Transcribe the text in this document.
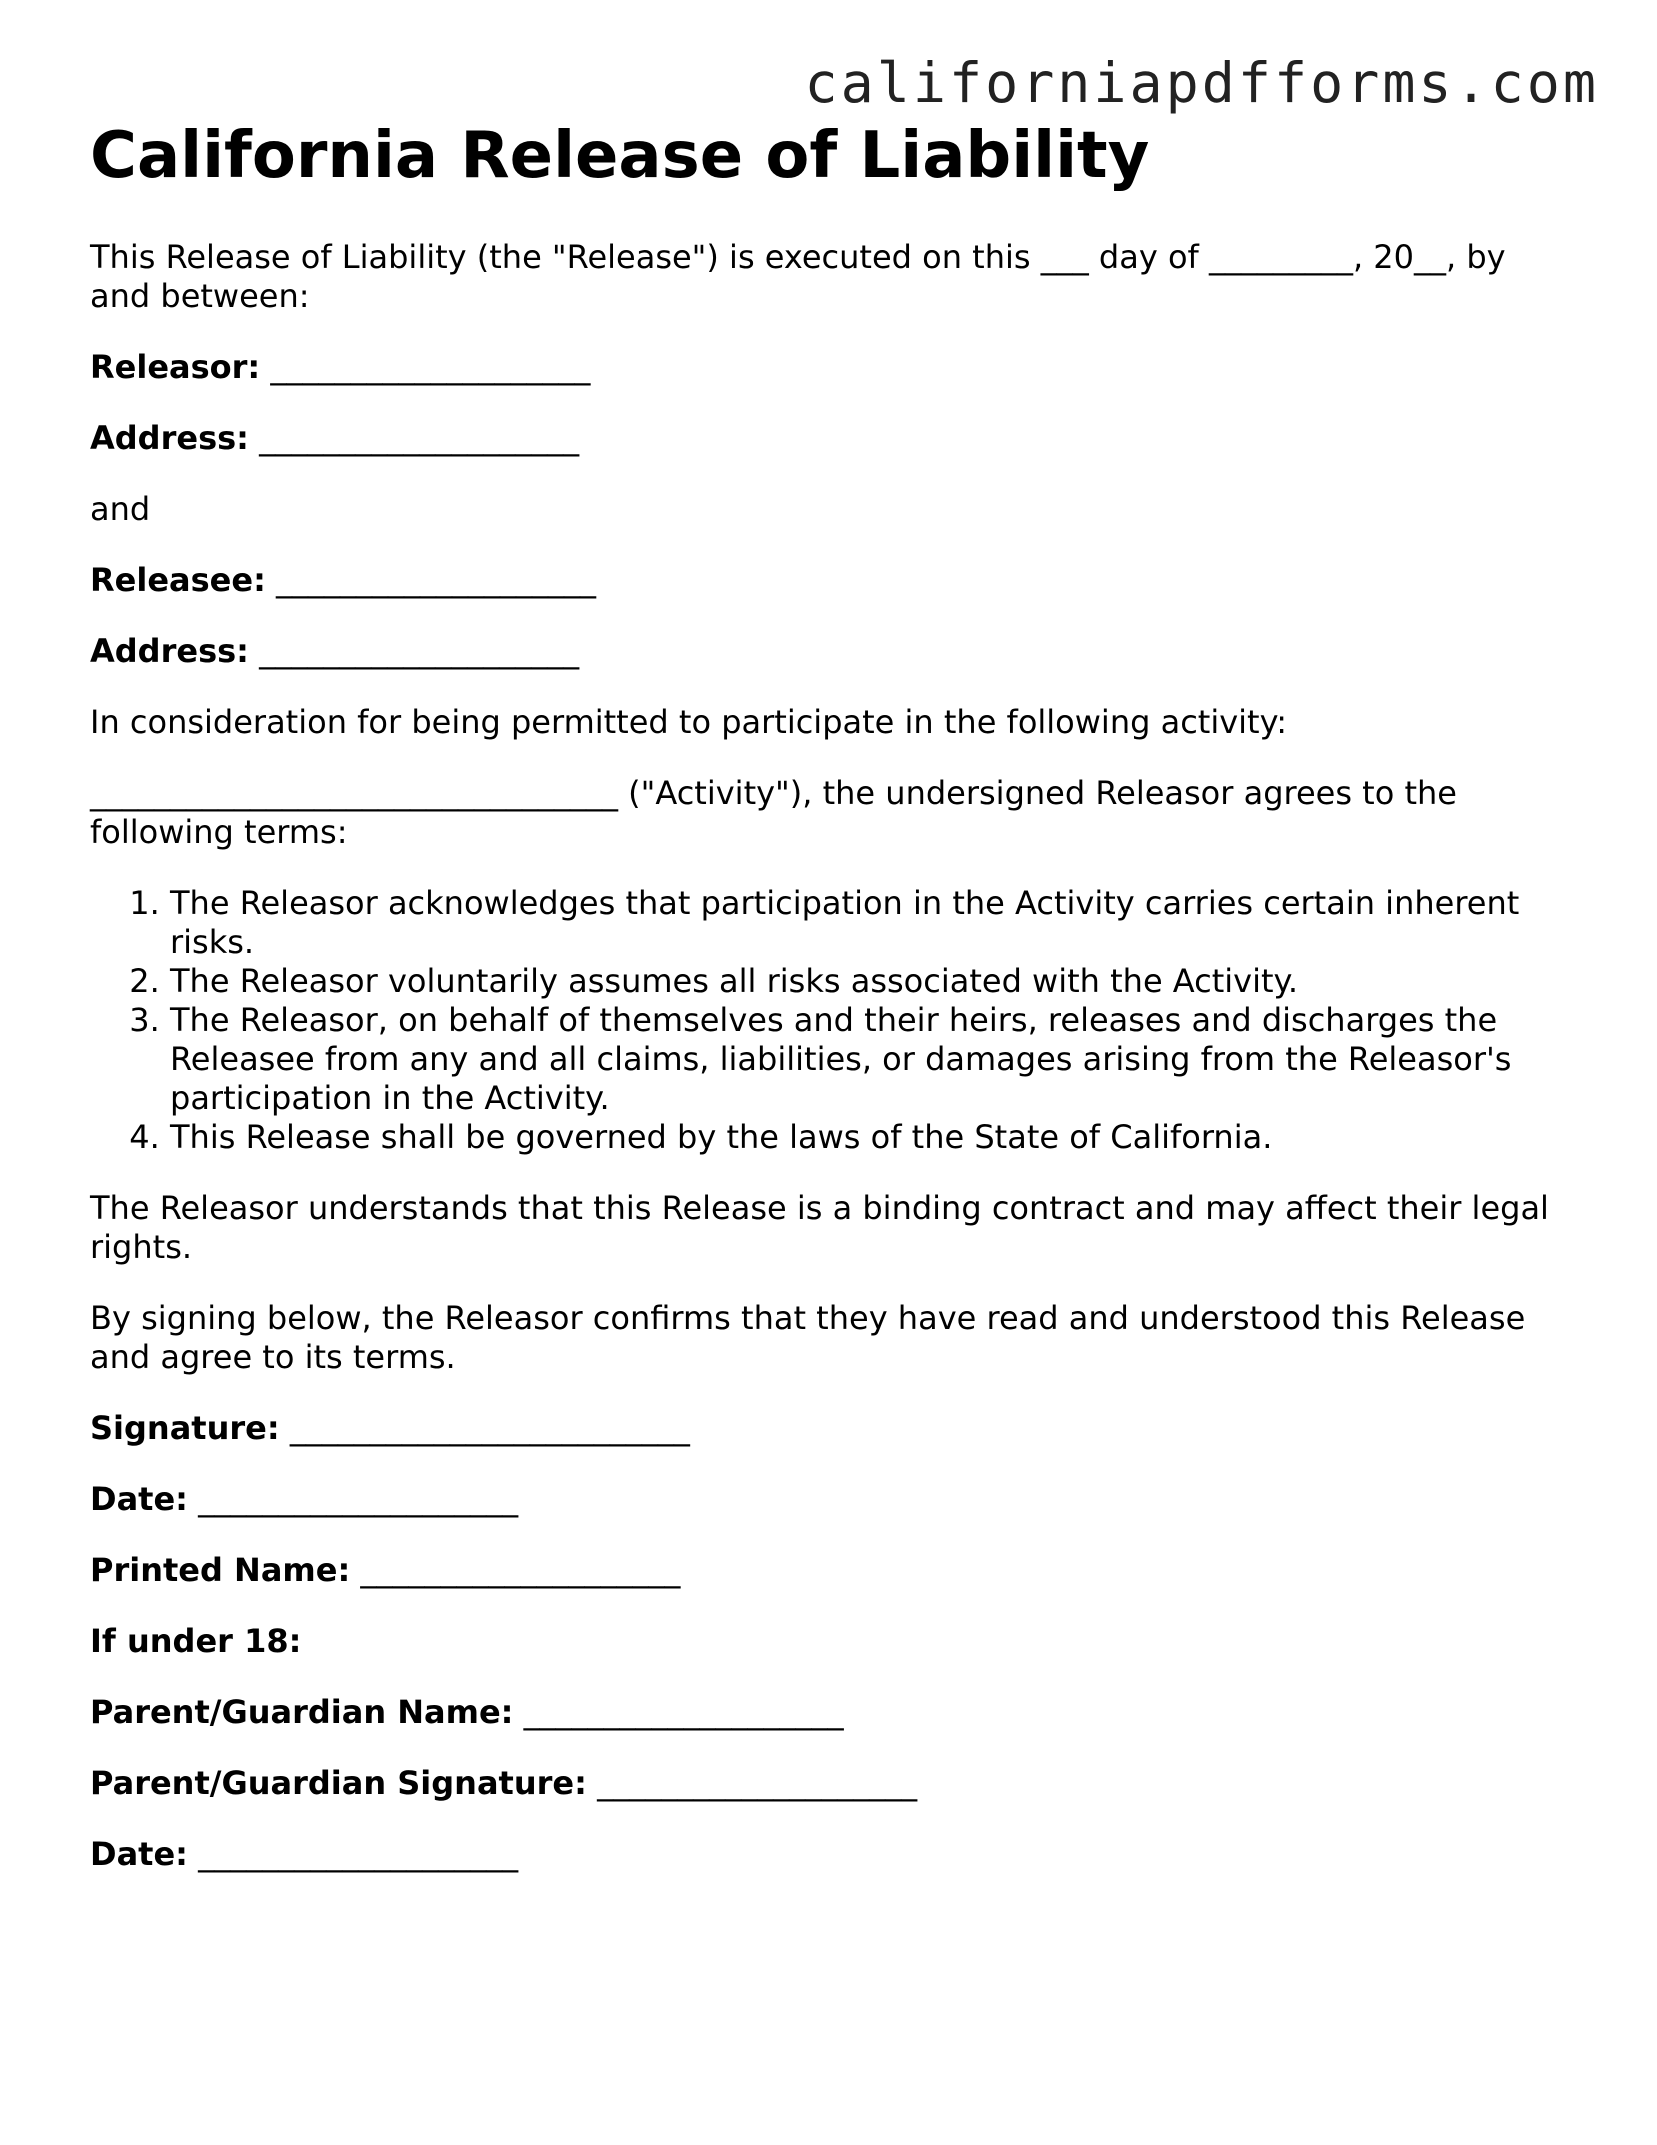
californiapdfforms.com
California Release of Liability

This Release of Liability (the "Release") is executed on this ___ day of _________, 20__, by and between:

Releasor: ____________________

Address: ____________________

and

Releasee: ____________________

Address: ____________________

In consideration for being permitted to participate in the following activity:

_________________________________ ("Activity"), the undersigned Releasor agrees to the following terms:

1. The Releasor acknowledges that participation in the Activity carries certain inherent risks.
2. The Releasor voluntarily assumes all risks associated with the Activity.
3. The Releasor, on behalf of themselves and their heirs, releases and discharges the Releasee from any and all claims, liabilities, or damages arising from the Releasor's participation in the Activity.
4. This Release shall be governed by the laws of the State of California.

The Releasor understands that this Release is a binding contract and may affect their legal rights.

By signing below, the Releasor confirms that they have read and understood this Release and agree to its terms.

Signature: _________________________

Date: ____________________

Printed Name: ____________________

If under 18:

Parent/Guardian Name: ____________________

Parent/Guardian Signature: ____________________

Date: ____________________
